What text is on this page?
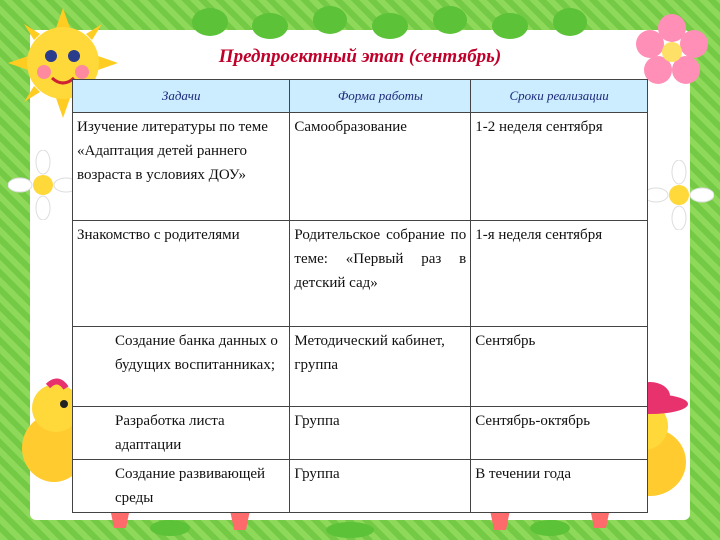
Предпроектный этап (сентябрь)
Задачи	Форма работы	Сроки реализации
Изучение литературы по теме «Адаптация детей раннего возраста в условиях ДОУ»	Самообразование	1-2 неделя сентября
Знакомство с родителями	Родительское собрание по теме: «Первый раз в детский сад»	1-я неделя сентября
Создание банка данных о будущих воспитанниках;	Методический кабинет, группа	Сентябрь
Разработка листа адаптации	Группа	Сентябрь-октябрь
Создание развивающей среды	Группа	В течении года
